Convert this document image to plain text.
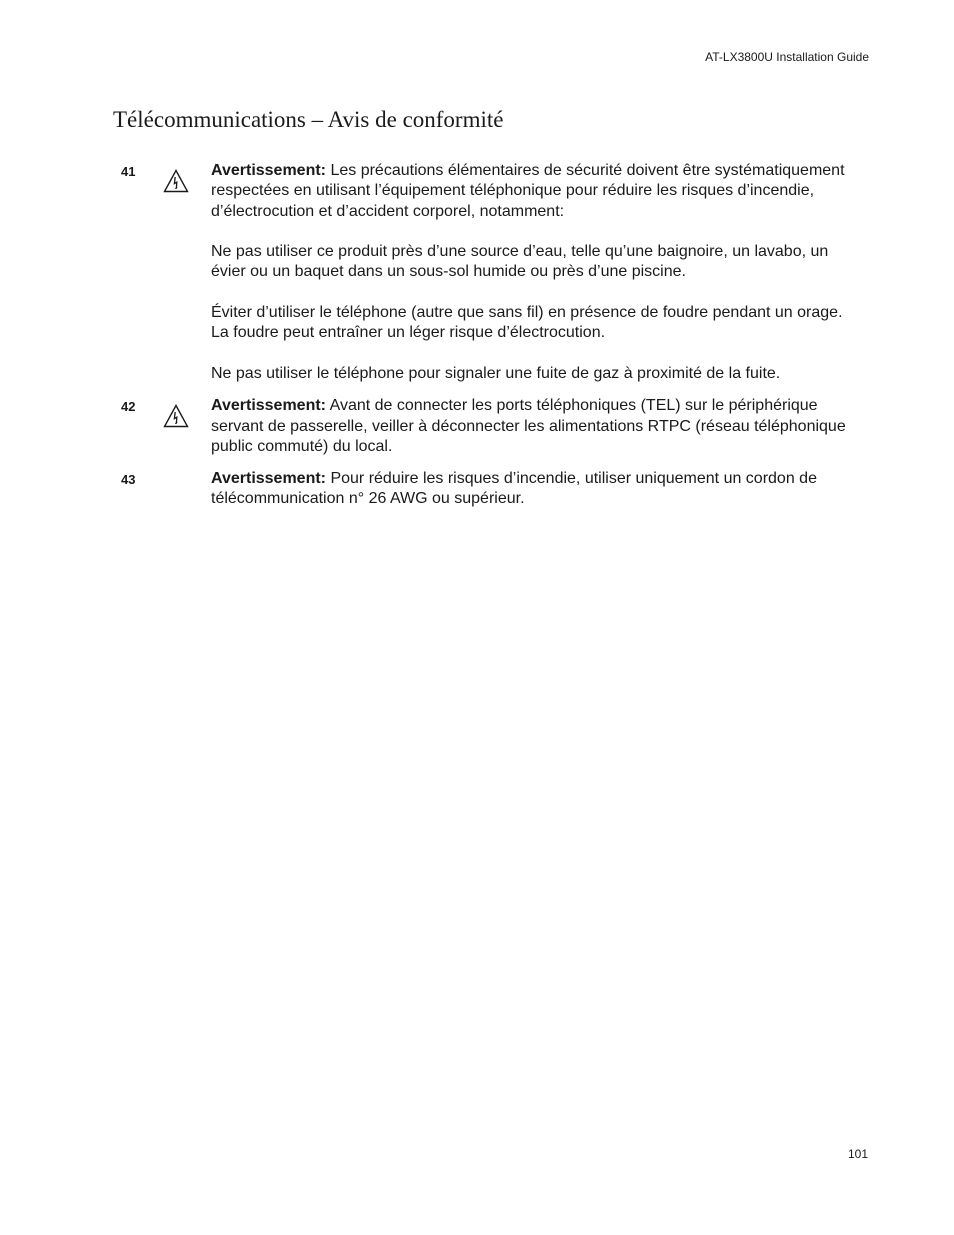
AT-LX3800U Installation Guide
Télécommunications – Avis de conformité
41	Avertissement: Les précautions élémentaires de sécurité doivent être systématiquement respectées en utilisant l’équipement téléphonique pour réduire les risques d’incendie, d’électrocution et d’accident corporel, notamment:

Ne pas utiliser ce produit près d’une source d’eau, telle qu’une baignoire, un lavabo, un évier ou un baquet dans un sous-sol humide ou près d’une piscine.

Éviter d’utiliser le téléphone (autre que sans fil) en présence de foudre pendant un orage. La foudre peut entraîner un léger risque d’électrocution.

Ne pas utiliser le téléphone pour signaler une fuite de gaz à proximité de la fuite.

42	Avertissement: Avant de connecter les ports téléphoniques (TEL) sur le périphérique servant de passerelle, veiller à déconnecter les alimentations RTPC (réseau téléphonique public commuté) du local.

43	Avertissement: Pour réduire les risques d’incendie, utiliser uniquement un cordon de télécommunication n° 26 AWG ou supérieur.

101
